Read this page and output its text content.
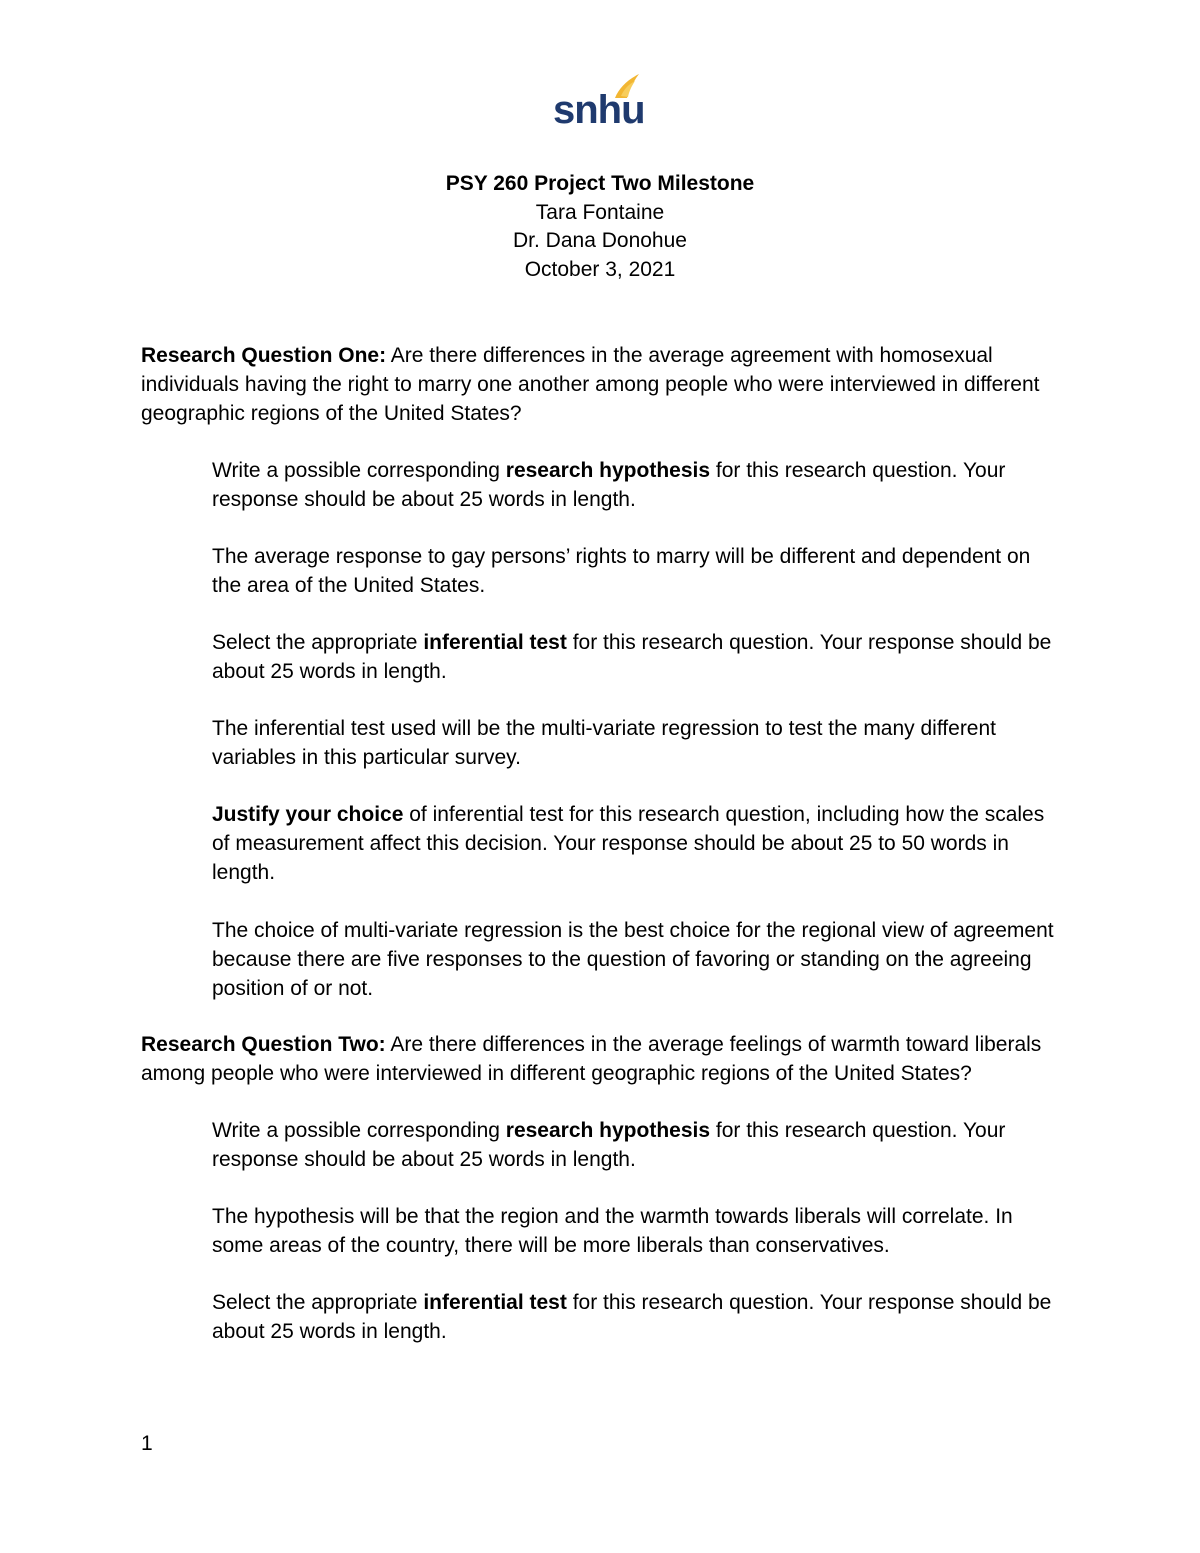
snhu
PSY 260 Project Two Milestone
Tara Fontaine
Dr. Dana Donohue
October 3, 2021

Research Question One: Are there differences in the average agreement with homosexual individuals having the right to marry one another among people who were interviewed in different geographic regions of the United States?

Write a possible corresponding research hypothesis for this research question. Your response should be about 25 words in length.

The average response to gay persons’ rights to marry will be different and dependent on the area of the United States.

Select the appropriate inferential test for this research question. Your response should be about 25 words in length.

The inferential test used will be the multi-variate regression to test the many different variables in this particular survey.

Justify your choice of inferential test for this research question, including how the scales of measurement affect this decision. Your response should be about 25 to 50 words in length.

The choice of multi-variate regression is the best choice for the regional view of agreement because there are five responses to the question of favoring or standing on the agreeing position of or not.

Research Question Two: Are there differences in the average feelings of warmth toward liberals among people who were interviewed in different geographic regions of the United States?

Write a possible corresponding research hypothesis for this research question. Your response should be about 25 words in length.

The hypothesis will be that the region and the warmth towards liberals will correlate. In some areas of the country, there will be more liberals than conservatives.

Select the appropriate inferential test for this research question. Your response should be about 25 words in length.

1
